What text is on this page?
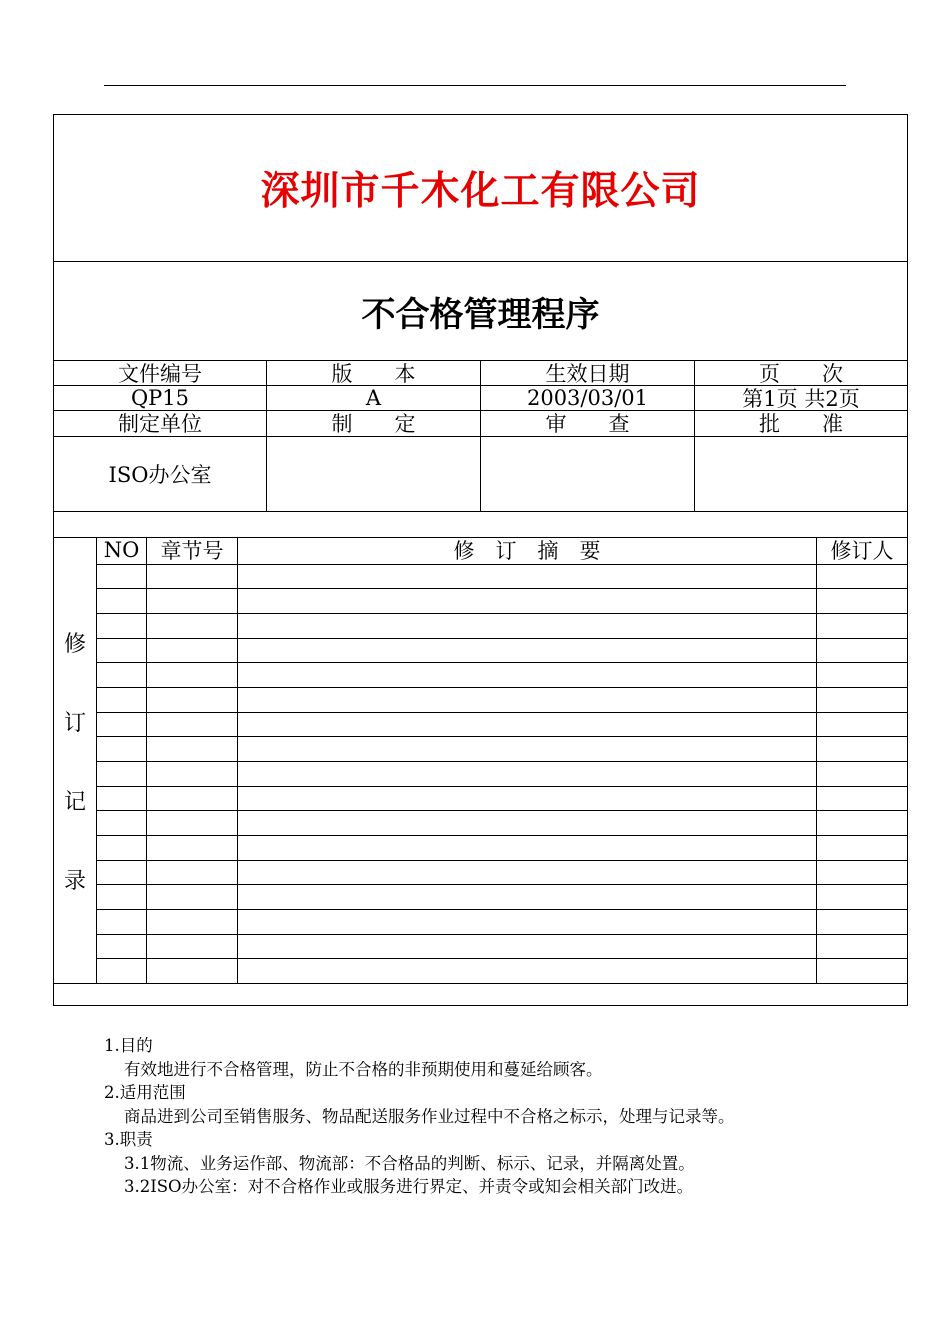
深圳市千木化工有限公司
不合格管理程序
文件编号	版　　本	生效日期	页　　次
QP15	A	2003/03/01	第1页 共2页
制定单位	制　　定	审　　查	批　　准
ISO办公室
修
订
记
录
NO	章节号	修　订　摘　要	修订人
1.目的
有效地进行不合格管理，防止不合格的非预期使用和蔓延给顾客。
2.适用范围
商品进到公司至销售服务、物品配送服务作业过程中不合格之标示，处理与记录等。
3.职责
3.1物流、业务运作部、物流部：不合格品的判断、标示、记录，并隔离处置。
3.2ISO办公室：对不合格作业或服务进行界定、并责令或知会相关部门改进。
